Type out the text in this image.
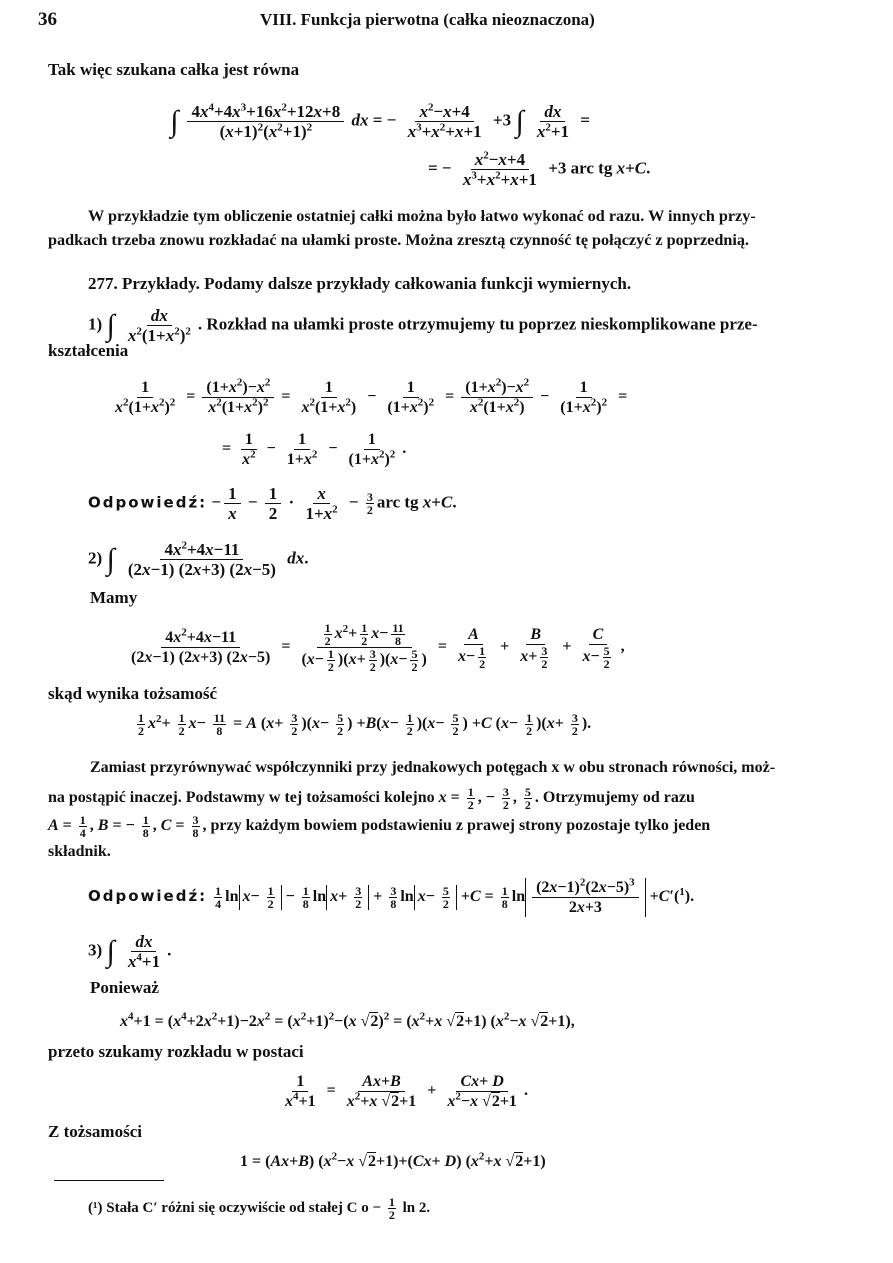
36	VIII. Funkcja pierwotna (całka nieoznaczona)
Tak więc szukana całka jest równa
∫ $\frac{4x^4+4x^3+16x^2+12x+8}{(x+1)^2(x^2+1)^2}$ dx = − $\frac{x^2-x+4}{x^3+x^2+x+1} +3$ ∫ $\frac{dx}{x^2+1}$ =
= − $\frac{x^2-x+4}{x^3+x^2+x+1} +3$ arc tg x+C.
W przykładzie tym obliczenie ostatniej całki można było łatwo wykonać od razu. W innych przy-
padkach trzeba znowu rozkładać na ułamki proste. Można zresztą czynność tę połączyć z poprzednią.
277. Przykłady. Podamy dalsze przykłady całkowania funkcji wymiernych.
1) ∫ $\frac{dx}{x^2(1+x^2)^2}$ . Rozkład na ułamki proste otrzymujemy tu poprzez nieskomplikowane prze-
kształcenia
$\frac{1}{x^2(1+x^2)^2} = \frac{(1+x^2)-x^2}{x^2(1+x^2)^2} = \frac{1}{x^2(1+x^2)} - \frac{1}{(1+x^2)^2} = \frac{(1+x^2)-x^2}{x^2(1+x^2)} - \frac{1}{(1+x^2)^2}$ =
= $\frac{1}{x^2} - \frac{1}{1+x^2} - \frac{1}{(1+x^2)^2}$ .
Odpowiedź: − $\frac{1}{x} - \frac{1}{2} \cdot \frac{x}{1+x^2} - \frac{3}{2}$ arc tg x+C.
2) ∫ $\frac{4x^2+4x-11}{(2x-1) (2x+3) (2x-5)}$ dx.
Mamy
$\frac{4x^2+4x-11}{(2x-1) (2x+3) (2x-5)} = \frac{\frac{1}{2} x^2+ \frac{1}{2} x- \frac{11}{8}}{(x- \frac{1}{2} )(x+ \frac{3}{2} )(x- \frac{5}{2} )} = \frac{A}{x- \frac{1}{2}} + \frac{B}{x+ \frac{3}{2}} + \frac{C}{x- \frac{5}{2}}$ ,
skąd wynika tożsamość
$\frac{1}{2} x^2+ \frac{1}{2} x- \frac{11}{8} = A$ $(x+ \frac{3}{2} )(x- \frac{5}{2}$ ) $+B(x- \frac{1}{2} )(x- \frac{5}{2}$ ) +C $(x- \frac{1}{2} )(x+ \frac{3}{2}$ ).
Zamiast przyrównywać współczynniki przy jednakowych potęgach x w obu stronach równości, moż-
na postąpić inaczej. Podstawmy w tej tożsamości kolejno $x = \frac{1}{2}$ , − $\frac{3}{2}$ , $\frac{5}{2}$ . Otrzymujemy od razu
$A = \frac{1}{4}$ , B = − $\frac{1}{8}$ , $C = \frac{3}{8}$ , przy każdym bowiem podstawieniu z prawej strony pozostaje tylko jeden
składnik.
Odpowiedź: $\frac{1}{4}$ $\ln x- \frac{1}{2} - \frac{1}{8}$ $\ln x+ \frac{3}{2} + \frac{3}{8}$ $\ln x- \frac{5}{2} +C = \frac{1}{8}$ $\ln \frac{(2x-1)^2(2x-5)^3}{2x+3} +C'(^1)$.
3) ∫ $\frac{dx}{x^4+1}$ .
Ponieważ
$x^4+1 = (x^4+2x^2+1)-2x^2 = (x^2+1)^2-(x$ $√2)^2 = (x^2+x$ √2+1) ($x^2-x$ √2+1),
przeto szukamy rozkładu w postaci
$\frac{1}{x^4+1} = \frac{Ax+B}{x^2+x √2+1} + \frac{Cx+ D}{x^2-x √2+1}$ .
Z tożsamości
1 = (Ax+B) ($x^2-x$ √2+1)+(Cx+ D) ($x^2+x$ √2+1)
(¹) Stała C′ różni się oczywiście od stałej C $o - \frac{1}{2}$ ln 2.
